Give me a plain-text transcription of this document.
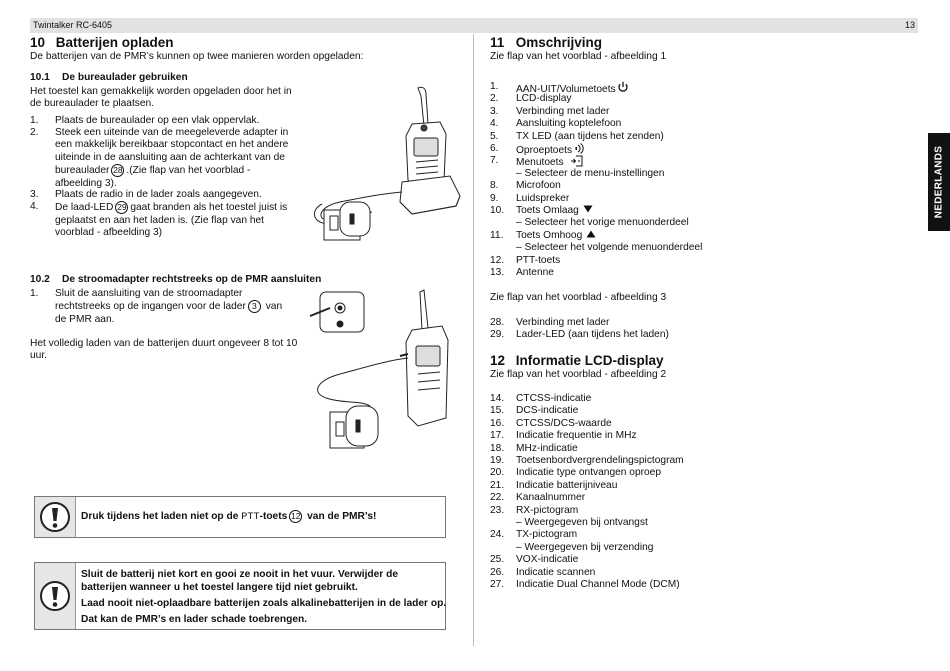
Twintalker RC-6405	13
NEDERLANDS
10 Batterijen opladen
De batterijen van de PMR’s kunnen op twee manieren worden opgeladen:
10.1 De bureaulader gebruiken
Het toestel kan gemakkelijk worden opgeladen door het in
de bureaulader te plaatsen.
1. Plaats de bureaulader op een vlak oppervlak.
2. Steek een uiteinde van de meegeleverde adapter in
een makkelijk bereikbaar stopcontact en het andere
uiteinde in de aansluiting aan de achterkant van de
bureaulader 28 .(Zie flap van het voorblad -
afbeelding 3).
3. Plaats de radio in de lader zoals aangegeven.
4. De laad-LED 29 gaat branden als het toestel juist is
geplaatst en aan het laden is. (Zie flap van het
voorblad - afbeelding 3)
10.2 De stroomadapter rechtstreeks op de PMR aansluiten
1. Sluit de aansluiting van de stroomadapter
rechtstreeks op de ingangen voor de lader 3 van
de PMR aan.
Het volledig laden van de batterijen duurt ongeveer 8 tot 10
uur.
Druk tijdens het laden niet op de PTT-toets 12 van de PMR’s!
Sluit de batterij niet kort en gooi ze nooit in het vuur. Verwijder de
batterijen wanneer u het toestel langere tijd niet gebruikt.
Laad nooit niet-oplaadbare batterijen zoals alkalinebatterijen in de lader op.
Dat kan de PMR’s en lader schade toebrengen.
11 Omschrijving
Zie flap van het voorblad - afbeelding 1
1. AAN-UIT/Volumetoets
2. LCD-display
3. Verbinding met lader
4. Aansluiting koptelefoon
5. TX LED (aan tijdens het zenden)
6. Oproeptoets
7. Menutoets
– Selecteer de menu-instellingen
8. Microfoon
9. Luidspreker
10. Toets Omlaag
– Selecteer het vorige menuonderdeel
11. Toets Omhoog
– Selecteer het volgende menuonderdeel
12. PTT-toets
13. Antenne
Zie flap van het voorblad - afbeelding 3
28. Verbinding met lader
29. Lader-LED (aan tijdens het laden)
12 Informatie LCD-display
Zie flap van het voorblad - afbeelding 2
14. CTCSS-indicatie
15. DCS-indicatie
16. CTCSS/DCS-waarde
17. Indicatie frequentie in MHz
18. MHz-indicatie
19. Toetsenbordvergrendelingspictogram
20. Indicatie type ontvangen oproep
21. Indicatie batterijniveau
22. Kanaalnummer
23. RX-pictogram
– Weergegeven bij ontvangst
24. TX-pictogram
– Weergegeven bij verzending
25. VOX-indicatie
26. Indicatie scannen
27. Indicatie Dual Channel Mode (DCM)
